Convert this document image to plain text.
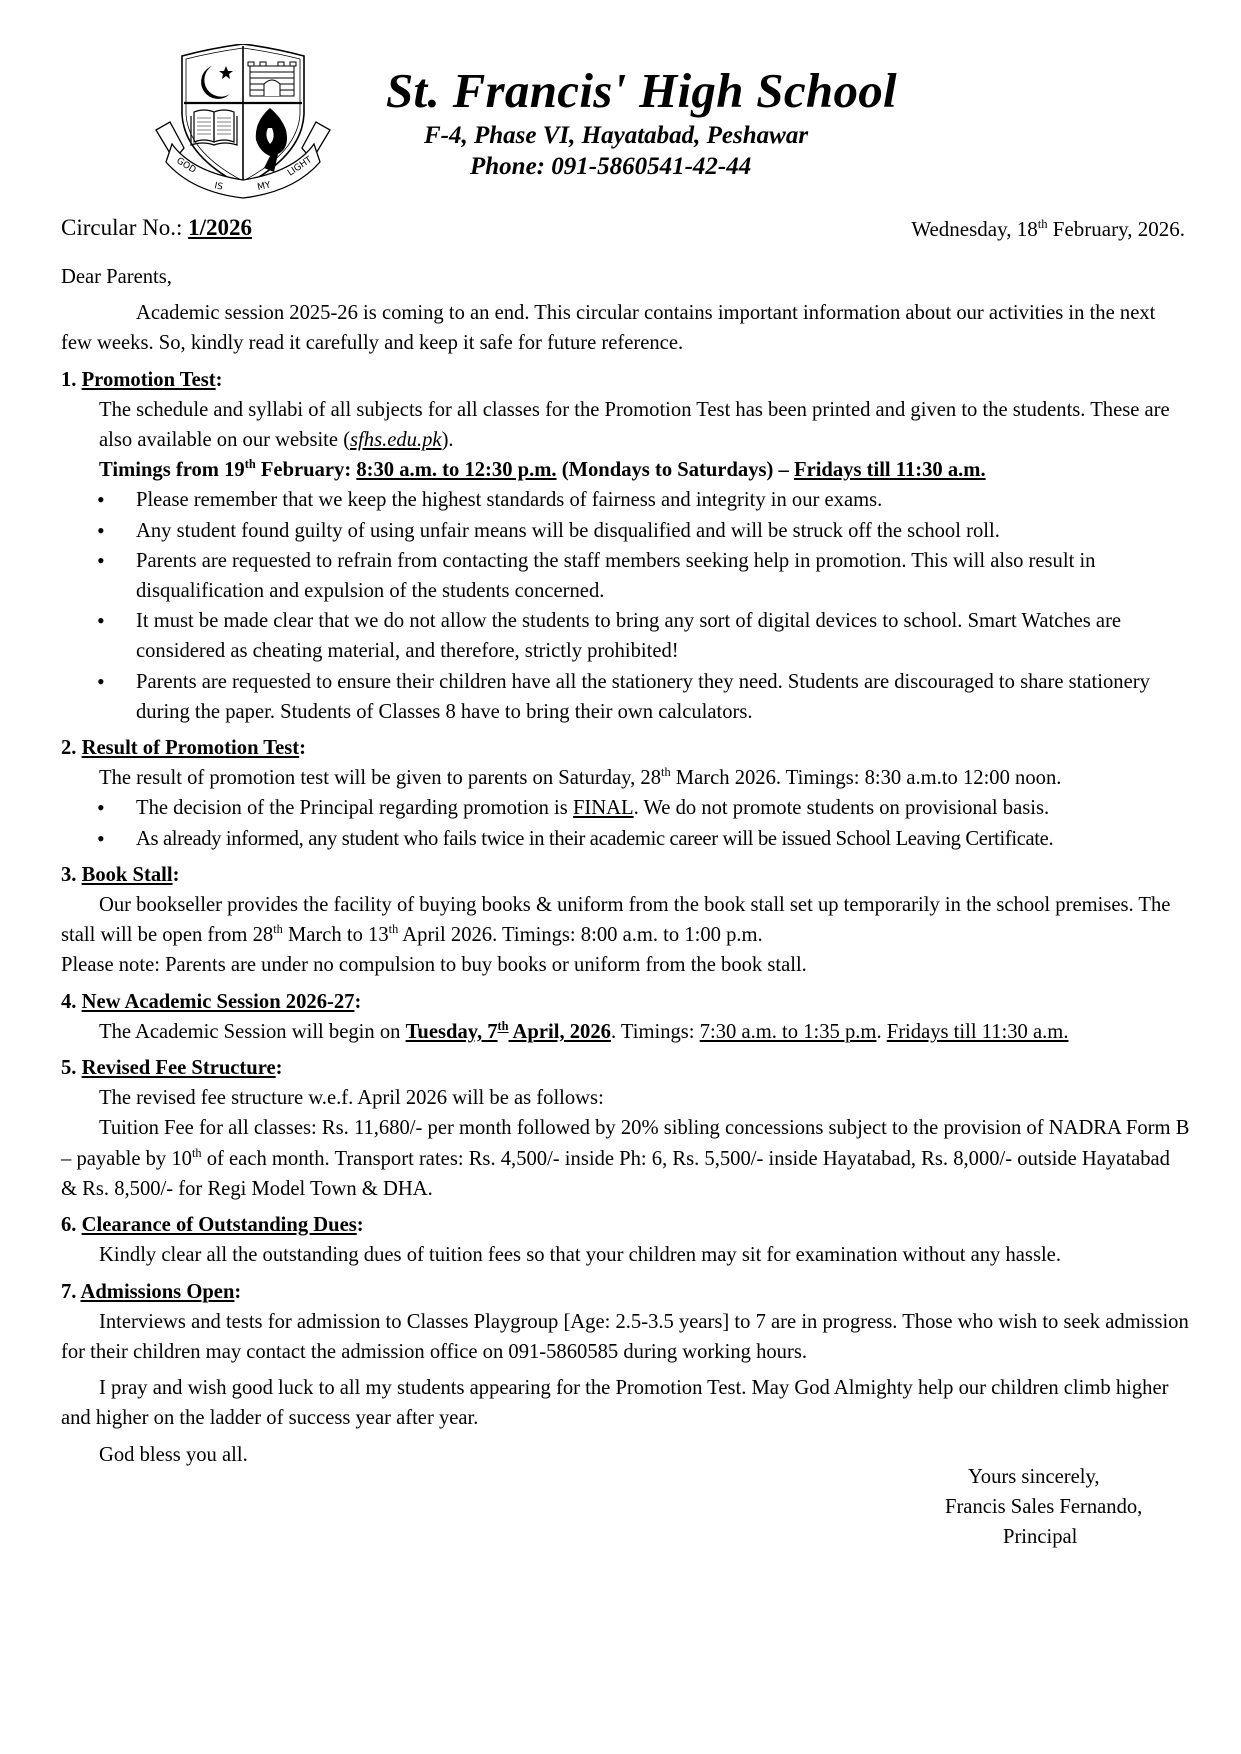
GOD
IS	MY
LIGHT
St. Francis' High School
F-4, Phase VI, Hayatabad, Peshawar
Phone: 091-5860541-42-44
Circular No.: 1/2026	Wednesday, 18th February, 2026.

Dear Parents,

Academic session 2025-26 is coming to an end. This circular contains important information about our activities in the next few weeks. So, kindly read it carefully and keep it safe for future reference.

1. Promotion Test:

The schedule and syllabi of all subjects for all classes for the Promotion Test has been printed and given to the students. These are also available on our website (sfhs.edu.pk).

Timings from 19th February: 8:30 a.m. to 12:30 p.m. (Mondays to Saturdays) – Fridays till 11:30 a.m.

• Please remember that we keep the highest standards of fairness and integrity in our exams.
• Any student found guilty of using unfair means will be disqualified and will be struck off the school roll.
• Parents are requested to refrain from contacting the staff members seeking help in promotion. This will also result in disqualification and expulsion of the students concerned.
• It must be made clear that we do not allow the students to bring any sort of digital devices to school. Smart Watches are considered as cheating material, and therefore, strictly prohibited!
• Parents are requested to ensure their children have all the stationery they need. Students are discouraged to share stationery during the paper. Students of Classes 8 have to bring their own calculators.

2. Result of Promotion Test:

The result of promotion test will be given to parents on Saturday, 28th March 2026. Timings: 8:30 a.m.to 12:00 noon.

• The decision of the Principal regarding promotion is FINAL. We do not promote students on provisional basis.
• As already informed, any student who fails twice in their academic career will be issued School Leaving Certificate.

3. Book Stall:

Our bookseller provides the facility of buying books & uniform from the book stall set up temporarily in the school premises. The stall will be open from 28th March to 13th April 2026. Timings: 8:00 a.m. to 1:00 p.m.

Please note: Parents are under no compulsion to buy books or uniform from the book stall.

4. New Academic Session 2026-27:

The Academic Session will begin on Tuesday, 7th April, 2026. Timings: 7:30 a.m. to 1:35 p.m. Fridays till 11:30 a.m.

5. Revised Fee Structure:

The revised fee structure w.e.f. April 2026 will be as follows:

Tuition Fee for all classes: Rs. 11,680/- per month followed by 20% sibling concessions subject to the provision of NADRA Form B – payable by 10th of each month. Transport rates: Rs. 4,500/- inside Ph: 6, Rs. 5,500/- inside Hayatabad, Rs. 8,000/- outside Hayatabad & Rs. 8,500/- for Regi Model Town & DHA.

6. Clearance of Outstanding Dues:

Kindly clear all the outstanding dues of tuition fees so that your children may sit for examination without any hassle.

7. Admissions Open:

Interviews and tests for admission to Classes Playgroup [Age: 2.5-3.5 years] to 7 are in progress. Those who wish to seek admission for their children may contact the admission office on 091-5860585 during working hours.

I pray and wish good luck to all my students appearing for the Promotion Test. May God Almighty help our children climb higher and higher on the ladder of success year after year.

God bless you all.

Yours sincerely,
Francis Sales Fernando,
Principal
